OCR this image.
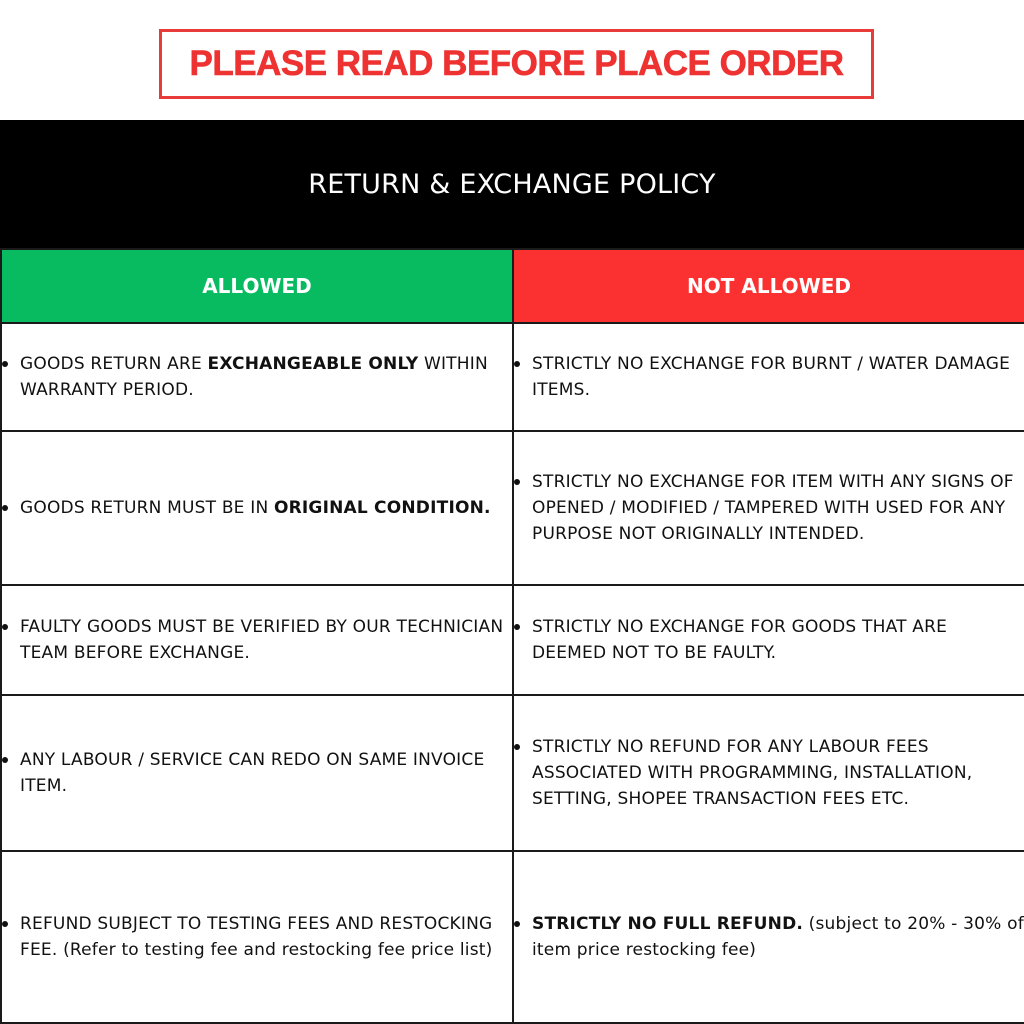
PLEASE READ BEFORE PLACE ORDER
RETURN & EXCHANGE POLICY
ALLOWED	NOT ALLOWED

GOODS RETURN ARE EXCHANGEABLE ONLY WITHIN WARRANTY PERIOD.	STRICTLY NO EXCHANGE FOR BURNT / WATER DAMAGE ITEMS.

GOODS RETURN MUST BE IN ORIGINAL CONDITION.	STRICTLY NO EXCHANGE FOR ITEM WITH ANY SIGNS OF OPENED / MODIFIED / TAMPERED WITH USED FOR ANY PURPOSE NOT ORIGINALLY INTENDED.

FAULTY GOODS MUST BE VERIFIED BY OUR TECHNICIAN TEAM BEFORE EXCHANGE.	STRICTLY NO EXCHANGE FOR GOODS THAT ARE DEEMED NOT TO BE FAULTY.

ANY LABOUR / SERVICE CAN REDO ON SAME INVOICE ITEM.	STRICTLY NO REFUND FOR ANY LABOUR FEES ASSOCIATED WITH PROGRAMMING, INSTALLATION, SETTING, SHOPEE TRANSACTION FEES ETC.

REFUND SUBJECT TO TESTING FEES AND RESTOCKING FEE. (Refer to testing fee and restocking fee price list)	STRICTLY NO FULL REFUND. (subject to 20% - 30% of item price restocking fee)
